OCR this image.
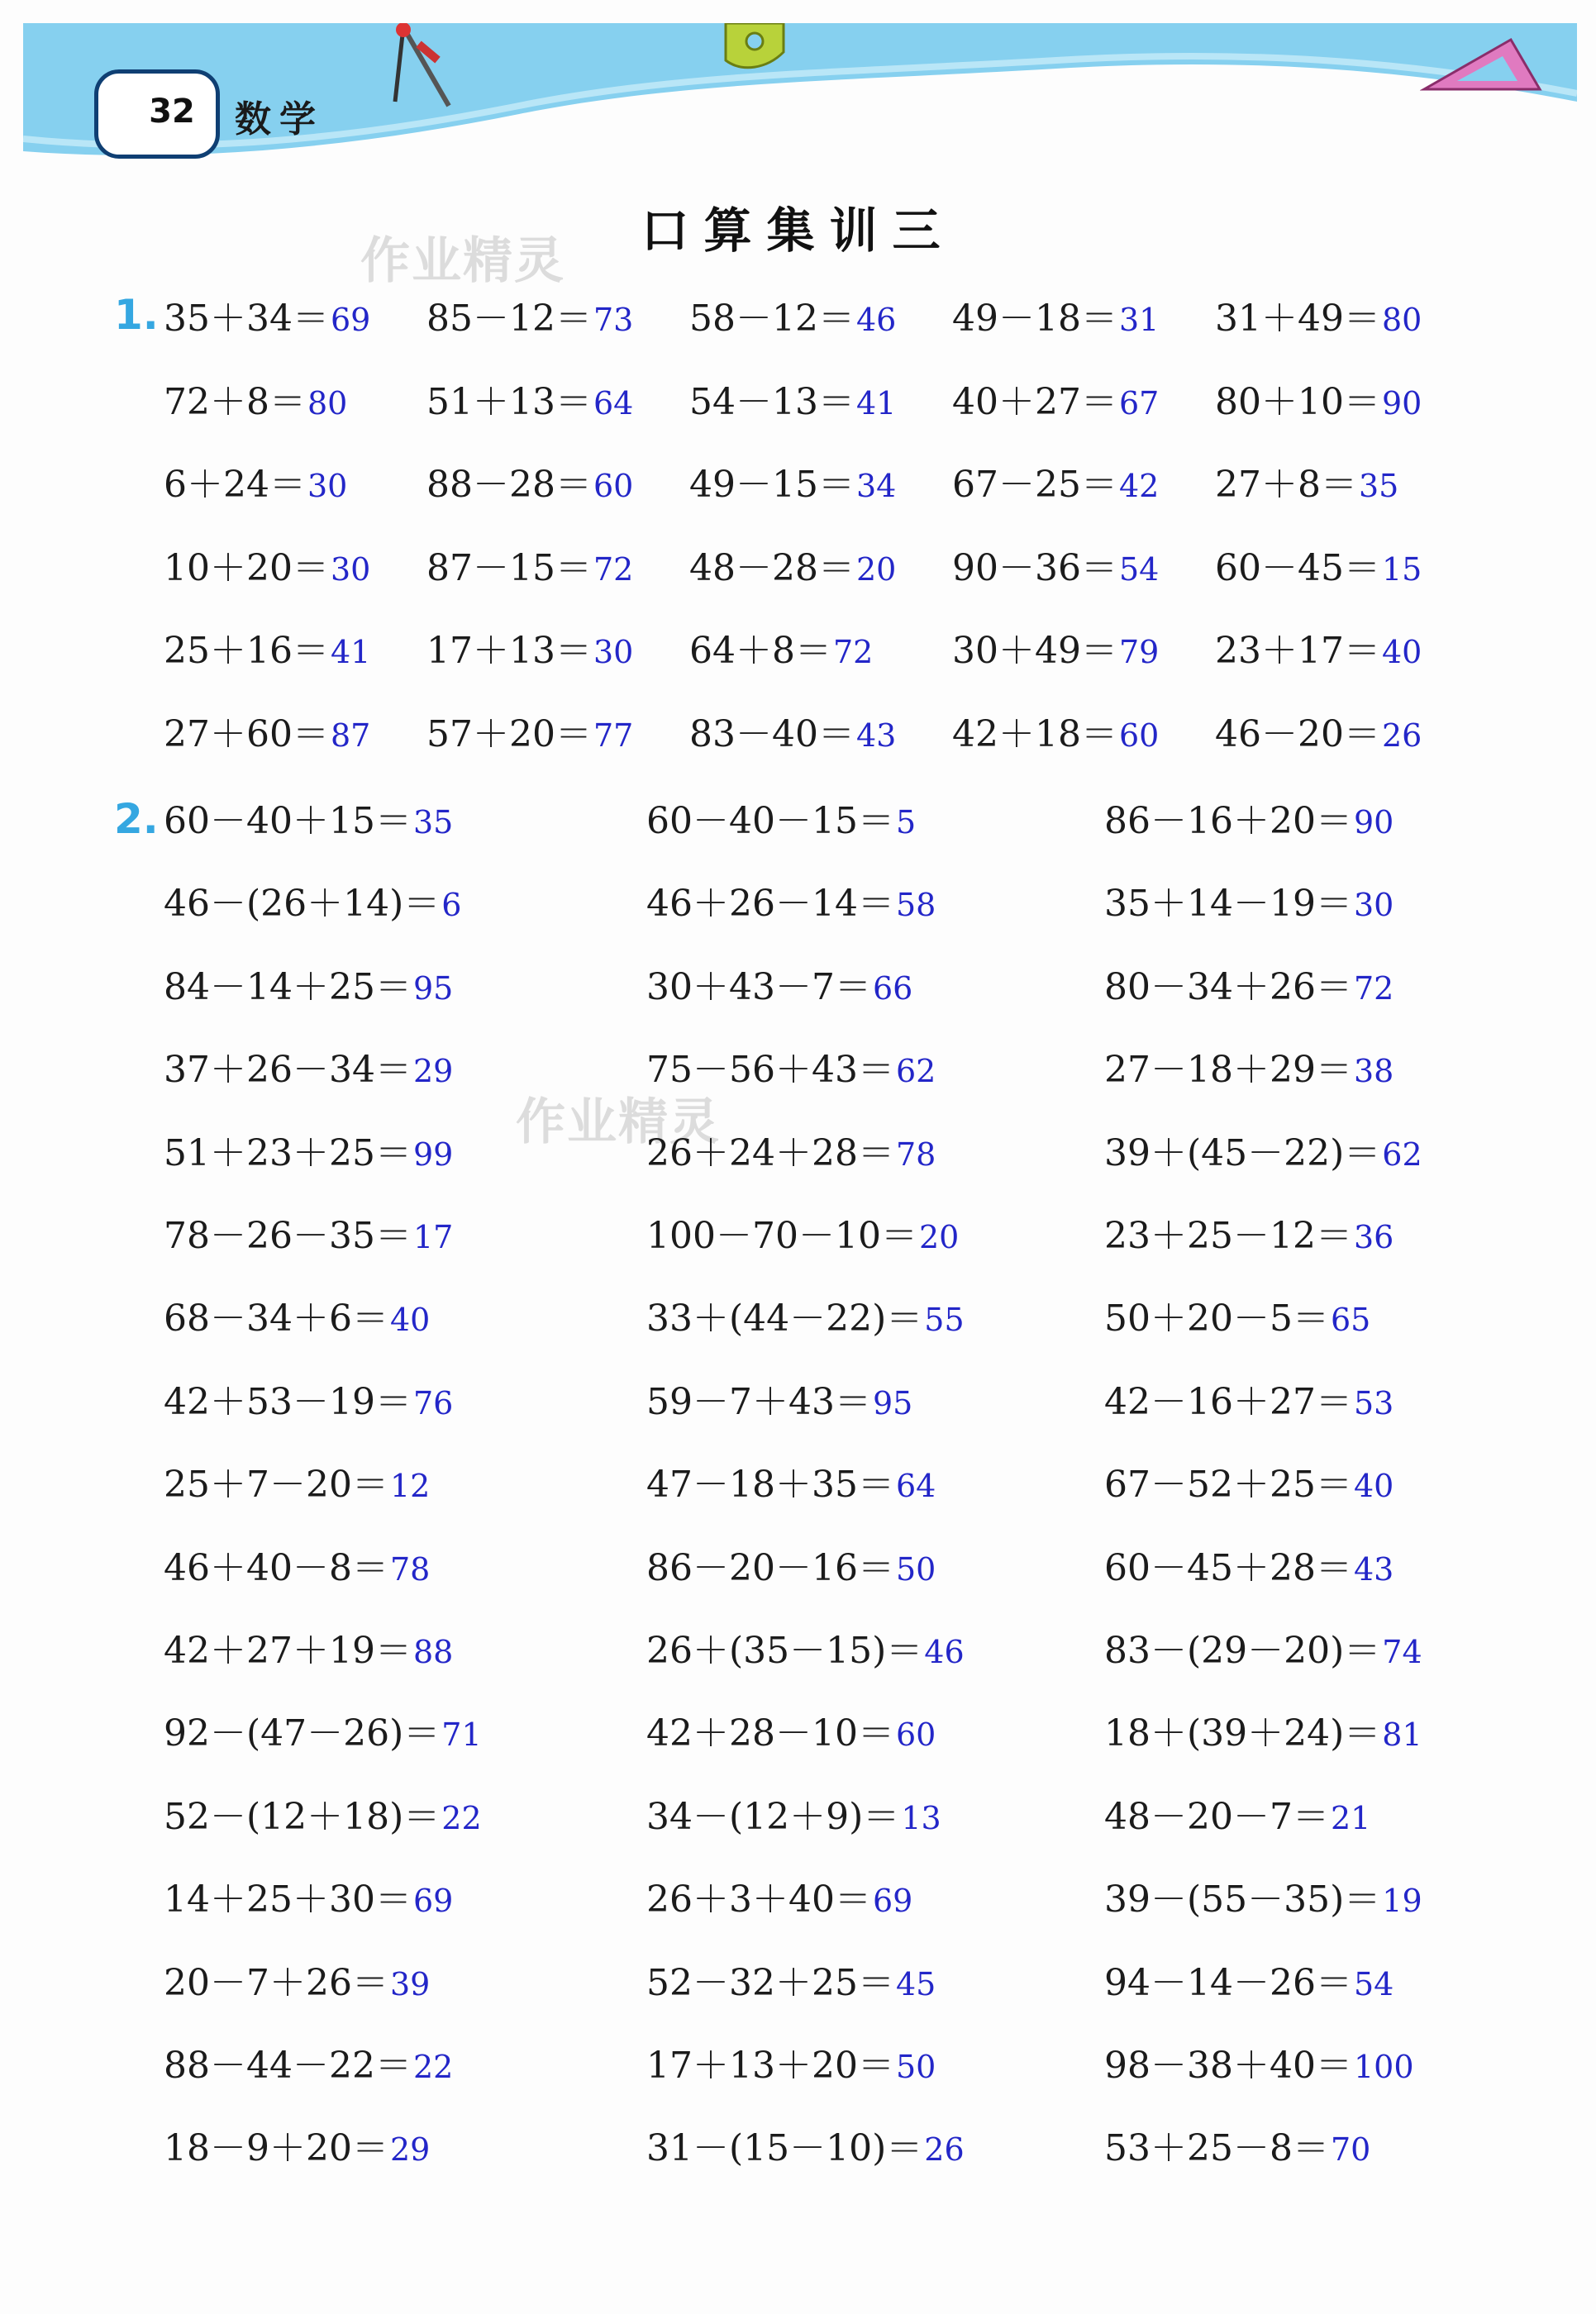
32 数学
口算集训三
作业精灵
作业精灵
1. 35＋34＝69 85－12＝73 58－12＝46 49－18＝31 31＋49＝80
72＋8＝80 51＋13＝64 54－13＝41 40＋27＝67 80＋10＝90
6＋24＝30 88－28＝60 49－15＝34 67－25＝42 27＋8＝35
10＋20＝30 87－15＝72 48－28＝20 90－36＝54 60－45＝15
25＋16＝41 17＋13＝30 64＋8＝72 30＋49＝79 23＋17＝40
27＋60＝87 57＋20＝77 83－40＝43 42＋18＝60 46－20＝26
2. 60－40＋15＝35	60－40－15＝5	86－16＋20＝90
46－(26＋14)＝6	46＋26－14＝58	35＋14－19＝30
84－14＋25＝95	30＋43－7＝66	80－34＋26＝72
37＋26－34＝29	75－56＋43＝62	27－18＋29＝38
51＋23＋25＝99	26＋24＋28＝78	39＋(45－22)＝62
78－26－35＝17	100－70－10＝20	23＋25－12＝36
68－34＋6＝40	33＋(44－22)＝55	50＋20－5＝65
42＋53－19＝76	59－7＋43＝95	42－16＋27＝53
25＋7－20＝12	47－18＋35＝64	67－52＋25＝40
46＋40－8＝78	86－20－16＝50	60－45＋28＝43
42＋27＋19＝88	26＋(35－15)＝46	83－(29－20)＝74
92－(47－26)＝71	42＋28－10＝60	18＋(39＋24)＝81
52－(12＋18)＝22	34－(12＋9)＝13	48－20－7＝21
14＋25＋30＝69	26＋3＋40＝69	39－(55－35)＝19
20－7＋26＝39	52－32＋25＝45	94－14－26＝54
88－44－22＝22	17＋13＋20＝50	98－38＋40＝100
18－9＋20＝29	31－(15－10)＝26	53＋25－8＝70
